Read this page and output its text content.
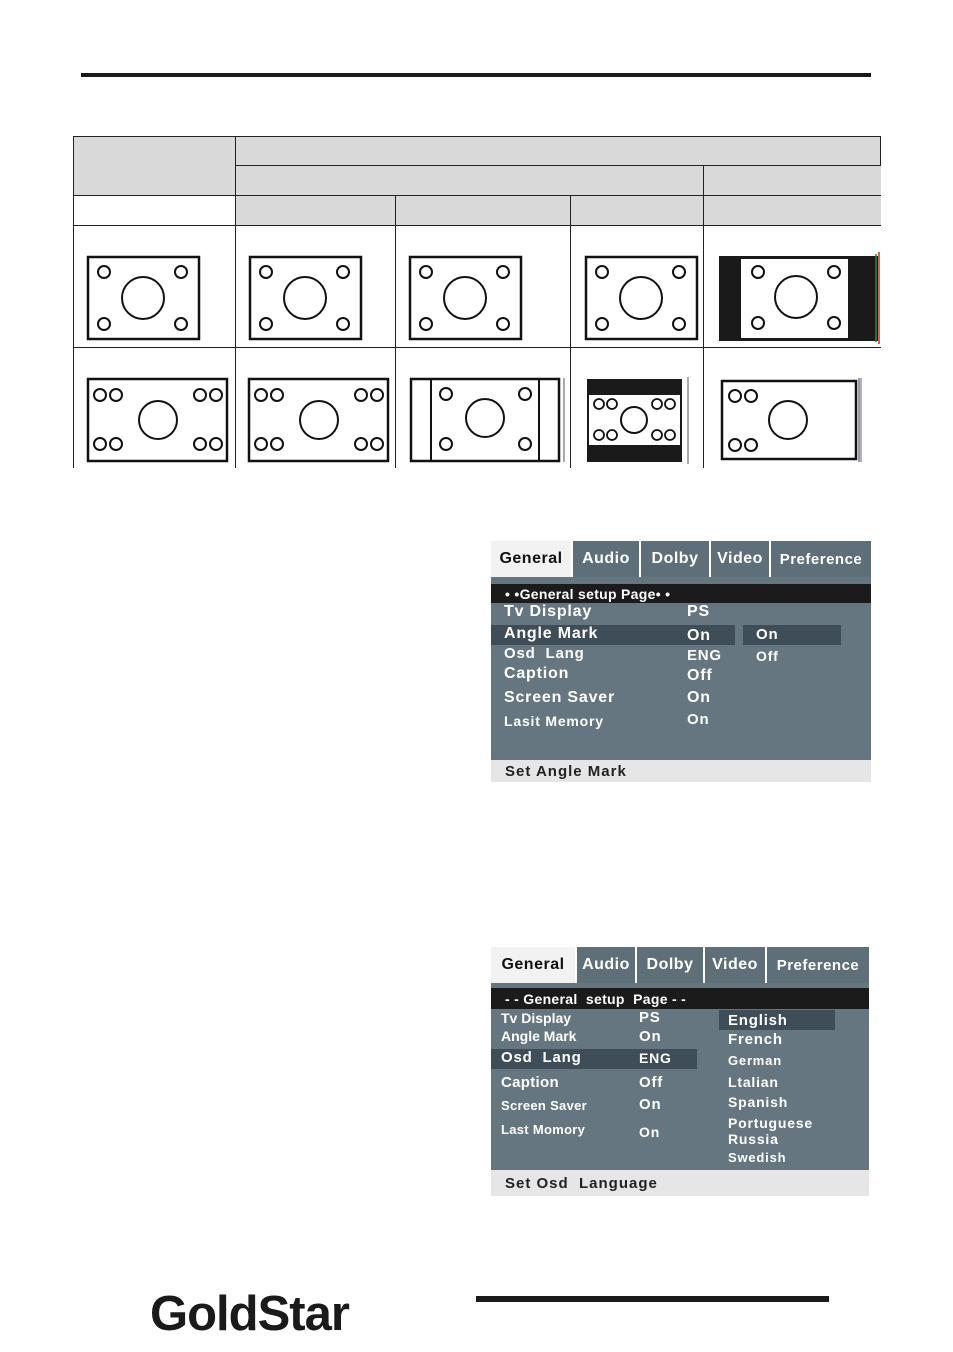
General	Audio	Dolby	Video	Preference
• •General setup Page• •
Tv Display	PS
Angle Mark	On
Osd  Lang	ENG
Caption	Off
Screen Saver	On
Lasit Memory	On
On
Off
Set Angle Mark
General	Audio	Dolby	Video	Preference
- - General  setup  Page - -
Tv Display	PS
Angle Mark	On
Osd  Lang	ENG
Caption	Off
Screen Saver	On
Last Momory	On
English
French
German
Ltalian
Spanish
Portuguese
Russia
Swedish
Set Osd  Language
GoldStar
